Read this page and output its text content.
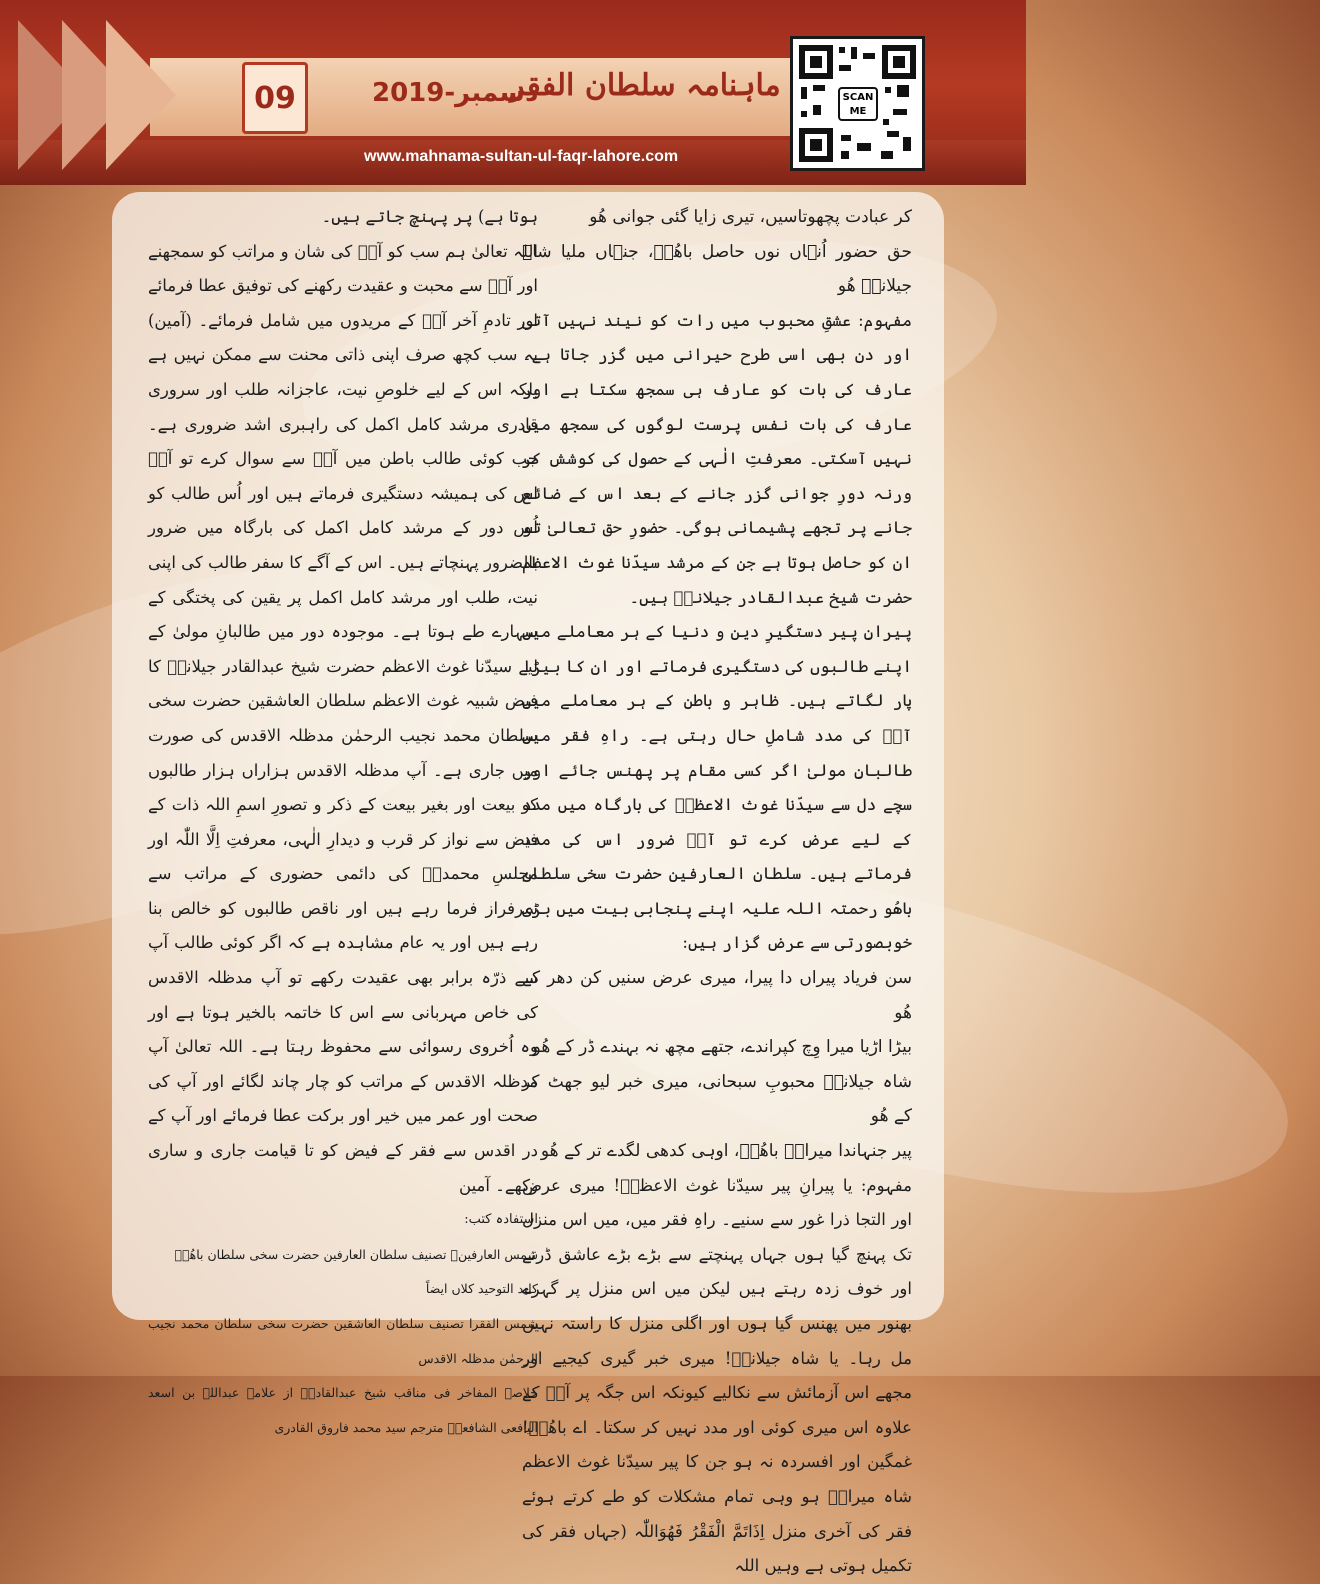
09	دسمبر-2019
ماہنامہ سلطان الفقر
www.mahnama-sultan-ul-faqr-lahore.com
SCAN ME

کر عبادت پچھوتاسیں، تیری زایا گئی جوانی ھُو

حق حضور اُنہاں نوں حاصل باھُوؒ، جنہاں ملیا شاہ جیلانیؒ ھُو

مفہوم: عشقِ محبوب میں رات کو نیند نہیں آتی اور دن بھی اسی طرح حیرانی میں گزر جاتا ہے۔ عارف کی بات کو عارف ہی سمجھ سکتا ہے اور عارف کی بات نفس پرست لوگوں کی سمجھ میں نہیں آسکتی۔ معرفتِ الٰہی کے حصول کی کوشش کر ورنہ دورِ جوانی گزر جانے کے بعد اس کے ضائع جانے پر تجھے پشیمانی ہوگی۔ حضورِ حق تعالیٰ تو ان کو حاصل ہوتا ہے جن کے مرشد سیدّنا غوث الاعظم حضرت شیخ عبدالقادر جیلانیؓ ہیں۔

پیرانِ پیر دستگیرِ دین و دنیا کے ہر معاملے میں اپنے طالبوں کی دستگیری فرماتے اور ان کا بیڑا پار لگاتے ہیں۔ ظاہر و باطن کے ہر معاملے میں آپؓ کی مدد شاملِ حال رہتی ہے۔ راہِ فقر میں طالبانِ مولیٰ اگر کسی مقام پر پھنس جائے اور سچے دل سے سیدّنا غوث الاعظمؓ کی بارگاہ میں مدد کے لیے عرض کرے تو آپؓ ضرور اس کی مدد فرماتے ہیں۔ سلطان العارفین حضرت سخی سلطان باھُو رحمتہ اللہ علیہ اپنے پنجابی بیت میں بڑی خوبصورتی سے عرض گزار ہیں:

سن فریاد پیراں دا پیرا، میری عرض سنیں کن دھر کے ھُو

بیڑا اڑیا میرا وِچ کپراندے، جتھے مچھ نہ بہندے ڈر کے ھُو

شاہ جیلانیؓ محبوبِ سبحانی، میری خبر لیو جھٹ کر کے ھُو

پیر جنہاندا میرانؓ باھُوؒ، اوہی کدھی لگدے تر کے ھُو

مفہوم: یا پیرانِ پیر سیدّنا غوث الاعظمؓ! میری عرض اور التجا ذرا غور سے سنیے۔ راہِ فقر میں، میں اس منزل تک پہنچ گیا ہوں جہاں پہنچتے سے بڑے بڑے عاشق ڈرتے اور خوف زدہ رہتے ہیں لیکن میں اس منزل پر گہرے بھنور میں پھنس گیا ہوں اور اگلی منزل کا راستہ نہیں مل رہا۔ یا شاہ جیلانیؓ! میری خبر گیری کیجیے اور مجھے اس آزمائش سے نکالیے کیونکہ اس جگہ پر آپؓ کے علاوہ اس میری کوئی اور مدد نہیں کر سکتا۔ اے باھُوؒ! غمگین اور افسردہ نہ ہو جن کا پیر سیدّنا غوث الاعظم شاہ میرانؓ ہو وہی تمام مشکلات کو طے کرتے ہوئے فقر کی آخری منزل اِذَاتَمَّ الْفَقْرُ فَھُوَاللّٰہ (جہاں فقر کی تکمیل ہوتی ہے وہیں اللہ

ہوتا ہے) پر پہنچ جاتے ہیں۔

اللہ تعالیٰ ہم سب کو آپؓ کی شان و مراتب کو سمجھنے اور آپؓ سے محبت و عقیدت رکھنے کی توفیق عطا فرمائے اور تادمِ آخر آپؓ کے مریدوں میں شامل فرمائے۔ (آمین) یہ سب کچھ صرف اپنی ذاتی محنت سے ممکن نہیں ہے بلکہ اس کے لیے خلوصِ نیت، عاجزانہ طلب اور سروری قادری مرشد کامل اکمل کی راہبری اشد ضروری ہے۔ جب کوئی طالب باطن میں آپؓ سے سوال کرے تو آپؓ اس کی ہمیشہ دستگیری فرماتے ہیں اور اُس طالب کو اُس دور کے مرشد کامل اکمل کی بارگاہ میں ضرور بالضرور پہنچاتے ہیں۔ اس کے آگے کا سفر طالب کی اپنی نیت، طلب اور مرشد کامل اکمل پر یقین کی پختگی کے سہارے طے ہوتا ہے۔ موجودہ دور میں طالبانِ مولیٰ کے لیے سیدّنا غوث الاعظم حضرت شیخ عبدالقادر جیلانیؓ کا فیض شبیہ غوث الاعظم سلطان العاشقین حضرت سخی سلطان محمد نجیب الرحمٰن مدظلہ الاقدس کی صورت میں جاری ہے۔ آپ مدظلہ الاقدس ہزاراں ہزار طالبوں کو بیعت اور بغیر بیعت کے ذکر و تصورِ اسمِ اللہ ذات کے فیض سے نواز کر قرب و دیدارِ الٰہی، معرفتِ اِلَّا اللّٰہ اور مجلسِ محمدیؐ کی دائمی حضوری کے مراتب سے سرفراز فرما رہے ہیں اور ناقص طالبوں کو خالص بنا رہے ہیں اور یہ عام مشاہدہ ہے کہ اگر کوئی طالب آپ سے ذرّہ برابر بھی عقیدت رکھے تو آپ مدظلہ الاقدس کی خاص مہربانی سے اس کا خاتمہ بالخیر ہوتا ہے اور وہ اُخروی رسوائی سے محفوظ رہتا ہے۔ اللہ تعالیٰ آپ مدظلہ الاقدس کے مراتب کو چار چاند لگائے اور آپ کی صحت اور عمر میں خیر اور برکت عطا فرمائے اور آپ کے در اقدس سے فقر کے فیض کو تا قیامت جاری و ساری رکھے۔ آمین

استفادہ کتب:

شمس العارفین۔ تصنیف سلطان العارفین حضرت سخی سلطان باھُوؒ

کلید التوحید کلاں ایضاً

شمس الفقرا تصنیف سلطان العاشقین حضرت سخی سلطان محمد نجیب الرحمٰن مدظلہ الاقدس

خلاصۃ المفاخر فی مناقب شیخ عبدالقادرؓ از علامہ عبداللہ بن اسعد الیافعی الشافعیؒ مترجم سید محمد فاروق القادری
